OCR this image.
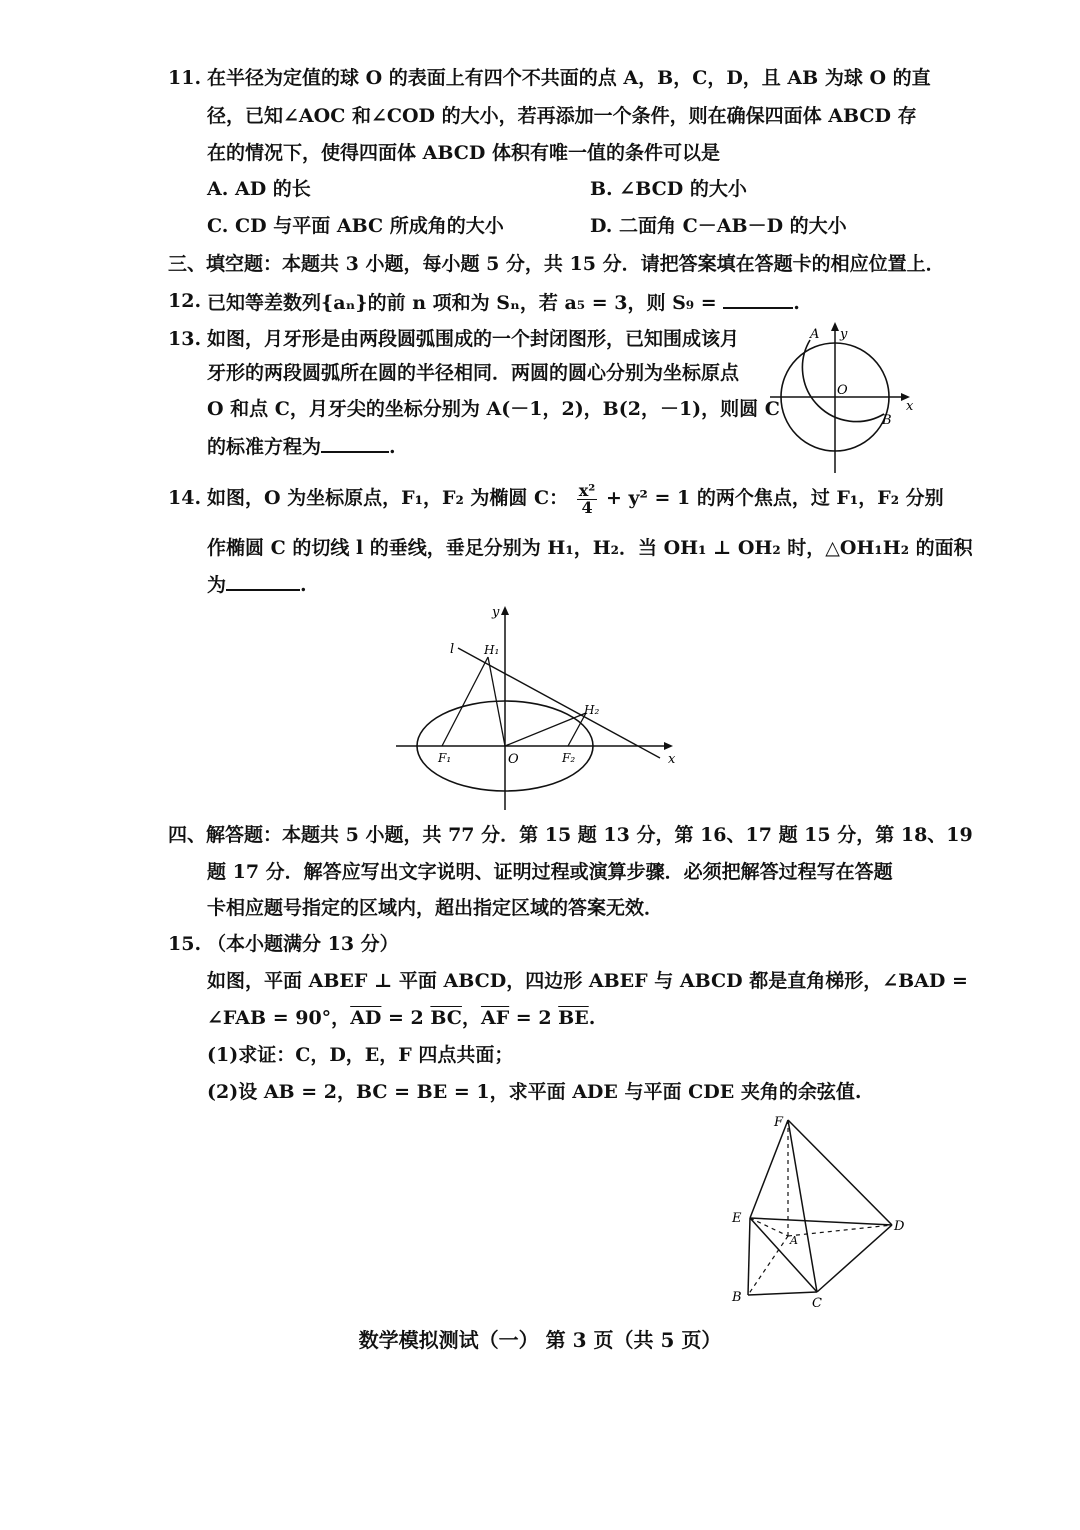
11. 在半径为定值的球 O 的表面上有四个不共面的点 A，B，C，D，且 AB 为球 O 的直
径，已知∠AOC 和∠COD 的大小，若再添加一个条件，则在确保四面体 ABCD 存
在的情况下，使得四面体 ABCD 体积有唯一值的条件可以是
A. AD 的长	B. ∠BCD 的大小
C. CD 与平面 ABC 所成角的大小	D. 二面角 C－AB－D 的大小
三、填空题：本题共 3 小题，每小题 5 分，共 15 分．请把答案填在答题卡的相应位置上．
12. 已知等差数列{aₙ}的前 n 项和为 Sₙ，若 a₅ = 3，则 S₉ =	.
13. 如图，月牙形是由两段圆弧围成的一个封闭图形，已知围成该月
牙形的两段圆弧所在圆的半径相同．两圆的圆心分别为坐标原点
O 和点 C，月牙尖的坐标分别为 A(－1，2)，B(2，－1)，则圆 C
的标准方程为	.
y
x
O
A
B
14. 如图，O 为坐标原点，F₁，F₂ 为椭圆 C： $\frac{\text{x²}}{4} + y^2 = 1$ 的两个焦点，过 F₁，F₂ 分别
作椭圆 C 的切线 l 的垂线，垂足分别为 H₁，H₂．当 OH₁ ⊥ OH₂ 时，△OH₁H₂ 的面积
为	.
y
x
l H₁
H₂
F₁	O	F₂
四、解答题：本题共 5 小题，共 77 分．第 15 题 13 分，第 16、17 题 15 分，第 18、19
题 17 分．解答应写出文字说明、证明过程或演算步骤．必须把解答过程写在答题
卡相应题号指定的区域内，超出指定区域的答案无效．
15. （本小题满分 13 分）
如图，平面 ABEF ⊥ 平面 ABCD，四边形 ABEF 与 ABCD 都是直角梯形，∠BAD =
∠FAB = 90°，$\overline{AD} = 2$ $\overline{BC}$，$\overline{AF} = 2$ $\overline{BE}$.
(1)求证：C，D，E，F 四点共面；
(2)设 AB = 2，BC = BE = 1，求平面 ADE 与平面 CDE 夹角的余弦值.
F
E
D
A
B	C
数学模拟测试（一） 第 3 页（共 5 页）
